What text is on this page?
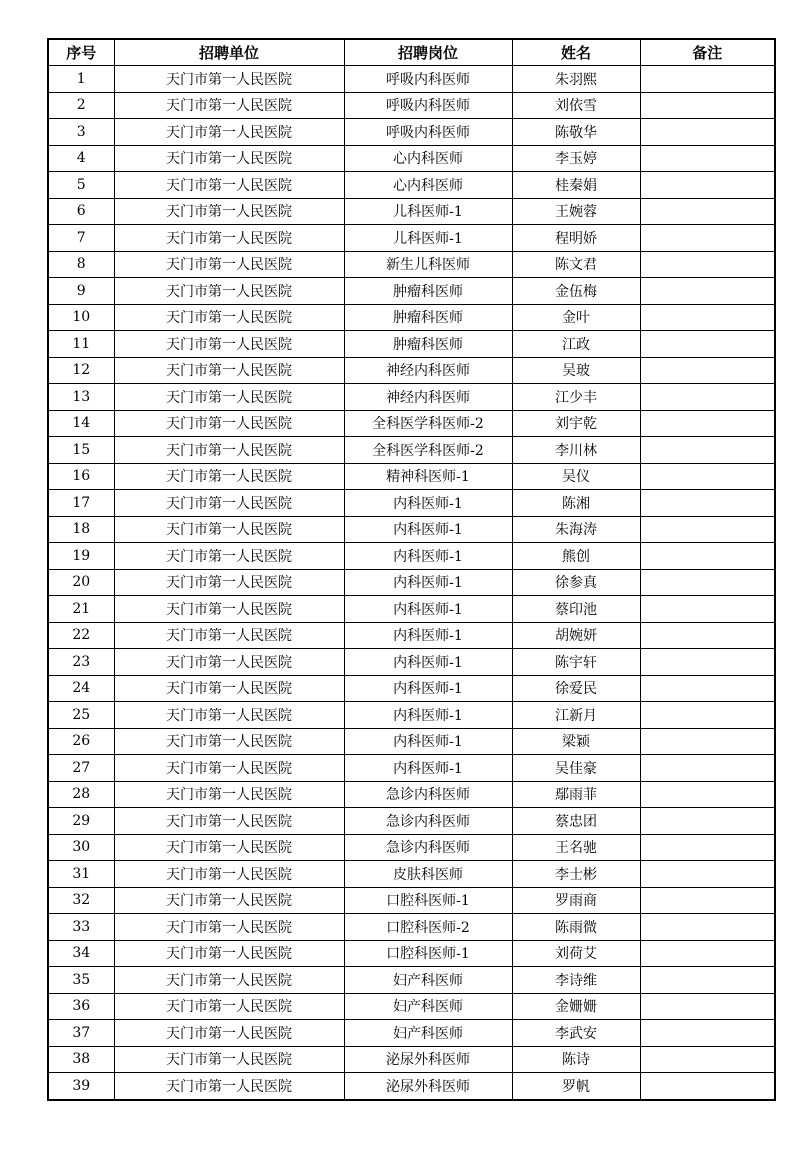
序号	招聘单位	招聘岗位	姓名	备注
1	天门市第一人民医院	呼吸内科医师	朱羽熙	
2	天门市第一人民医院	呼吸内科医师	刘依雪	
3	天门市第一人民医院	呼吸内科医师	陈敬华	
4	天门市第一人民医院	心内科医师	李玉婷	
5	天门市第一人民医院	心内科医师	桂秦娟	
6	天门市第一人民医院	儿科医师-1	王婉蓉	
7	天门市第一人民医院	儿科医师-1	程明娇	
8	天门市第一人民医院	新生儿科医师	陈文君	
9	天门市第一人民医院	肿瘤科医师	金伍梅	
10	天门市第一人民医院	肿瘤科医师	金叶	
11	天门市第一人民医院	肿瘤科医师	江政	
12	天门市第一人民医院	神经内科医师	吴玻	
13	天门市第一人民医院	神经内科医师	江少丰	
14	天门市第一人民医院	全科医学科医师-2	刘宇乾	
15	天门市第一人民医院	全科医学科医师-2	李川林	
16	天门市第一人民医院	精神科医师-1	吴仪	
17	天门市第一人民医院	内科医师-1	陈湘	
18	天门市第一人民医院	内科医师-1	朱海涛	
19	天门市第一人民医院	内科医师-1	熊创	
20	天门市第一人民医院	内科医师-1	徐参真	
21	天门市第一人民医院	内科医师-1	蔡印池	
22	天门市第一人民医院	内科医师-1	胡婉妍	
23	天门市第一人民医院	内科医师-1	陈宇轩	
24	天门市第一人民医院	内科医师-1	徐爱民	
25	天门市第一人民医院	内科医师-1	江新月	
26	天门市第一人民医院	内科医师-1	梁颖	
27	天门市第一人民医院	内科医师-1	吴佳豪	
28	天门市第一人民医院	急诊内科医师	鄢雨菲	
29	天门市第一人民医院	急诊内科医师	蔡忠团	
30	天门市第一人民医院	急诊内科医师	王名驰	
31	天门市第一人民医院	皮肤科医师	李士彬	
32	天门市第一人民医院	口腔科医师-1	罗雨商	
33	天门市第一人民医院	口腔科医师-2	陈雨微	
34	天门市第一人民医院	口腔科医师-1	刘荷艾	
35	天门市第一人民医院	妇产科医师	李诗维	
36	天门市第一人民医院	妇产科医师	金姗姗	
37	天门市第一人民医院	妇产科医师	李武安	
38	天门市第一人民医院	泌尿外科医师	陈诗	
39	天门市第一人民医院	泌尿外科医师	罗帆	
